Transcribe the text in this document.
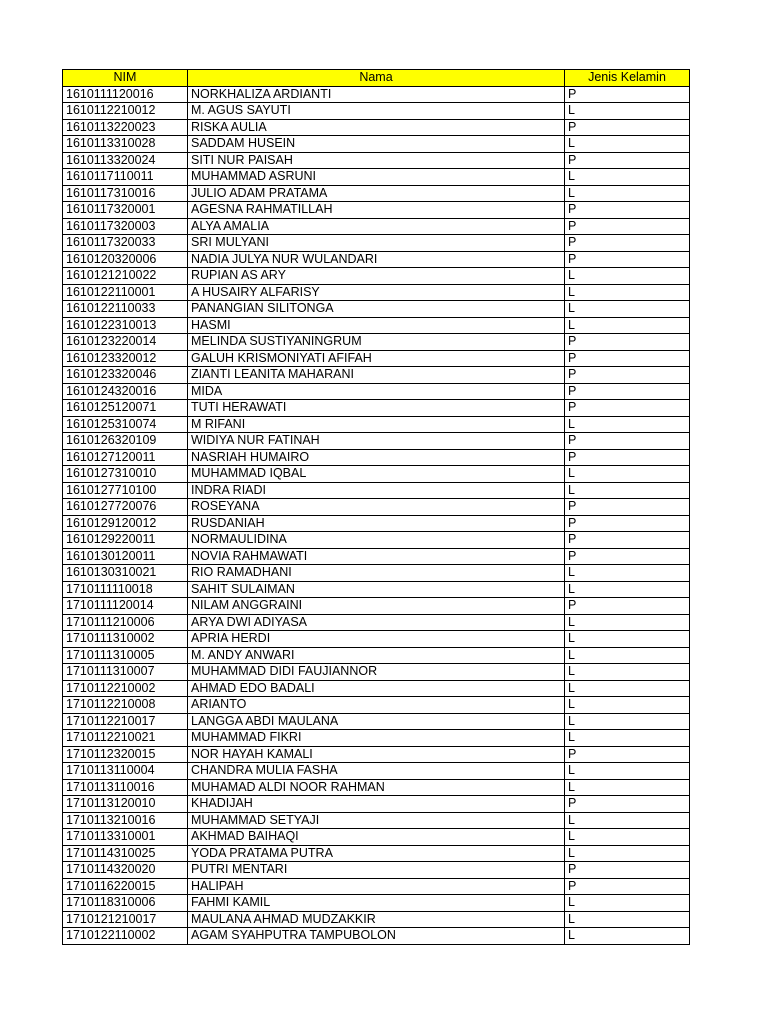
NIM	Nama	Jenis Kelamin
1610111120016	NORKHALIZA ARDIANTI	P
1610112210012	M. AGUS SAYUTI	L
1610113220023	RISKA AULIA	P
1610113310028	SADDAM HUSEIN	L
1610113320024	SITI NUR PAISAH	P
1610117110011	MUHAMMAD ASRUNI	L
1610117310016	JULIO ADAM PRATAMA	L
1610117320001	AGESNA RAHMATILLAH	P
1610117320003	ALYA AMALIA	P
1610117320033	SRI MULYANI	P
1610120320006	NADIA JULYA NUR WULANDARI	P
1610121210022	RUPIAN AS ARY	L
1610122110001	A HUSAIRY ALFARISY	L
1610122110033	PANANGIAN SILITONGA	L
1610122310013	HASMI	L
1610123220014	MELINDA SUSTIYANINGRUM	P
1610123320012	GALUH KRISMONIYATI AFIFAH	P
1610123320046	ZIANTI LEANITA MAHARANI	P
1610124320016	MIDA	P
1610125120071	TUTI HERAWATI	P
1610125310074	M RIFANI	L
1610126320109	WIDIYA NUR FATINAH	P
1610127120011	NASRIAH HUMAIRO	P
1610127310010	MUHAMMAD IQBAL	L
1610127710100	INDRA RIADI	L
1610127720076	ROSEYANA	P
1610129120012	RUSDANIAH	P
1610129220011	NORMAULIDINA	P
1610130120011	NOVIA RAHMAWATI	P
1610130310021	RIO RAMADHANI	L
1710111110018	SAHIT SULAIMAN	L
1710111120014	NILAM ANGGRAINI	P
1710111210006	ARYA DWI ADIYASA	L
1710111310002	APRIA HERDI	L
1710111310005	M. ANDY ANWARI	L
1710111310007	MUHAMMAD DIDI FAUJIANNOR	L
1710112210002	AHMAD EDO BADALI	L
1710112210008	ARIANTO	L
1710112210017	LANGGA ABDI MAULANA	L
1710112210021	MUHAMMAD FIKRI	L
1710112320015	NOR HAYAH KAMALI	P
1710113110004	CHANDRA MULIA FASHA	L
1710113110016	MUHAMAD ALDI NOOR RAHMAN	L
1710113120010	KHADIJAH	P
1710113210016	MUHAMMAD SETYAJI	L
1710113310001	AKHMAD BAIHAQI	L
1710114310025	YODA PRATAMA PUTRA	L
1710114320020	PUTRI MENTARI	P
1710116220015	HALIPAH	P
1710118310006	FAHMI KAMIL	L
1710121210017	MAULANA AHMAD MUDZAKKIR	L
1710122110002	AGAM SYAHPUTRA TAMPUBOLON	L
